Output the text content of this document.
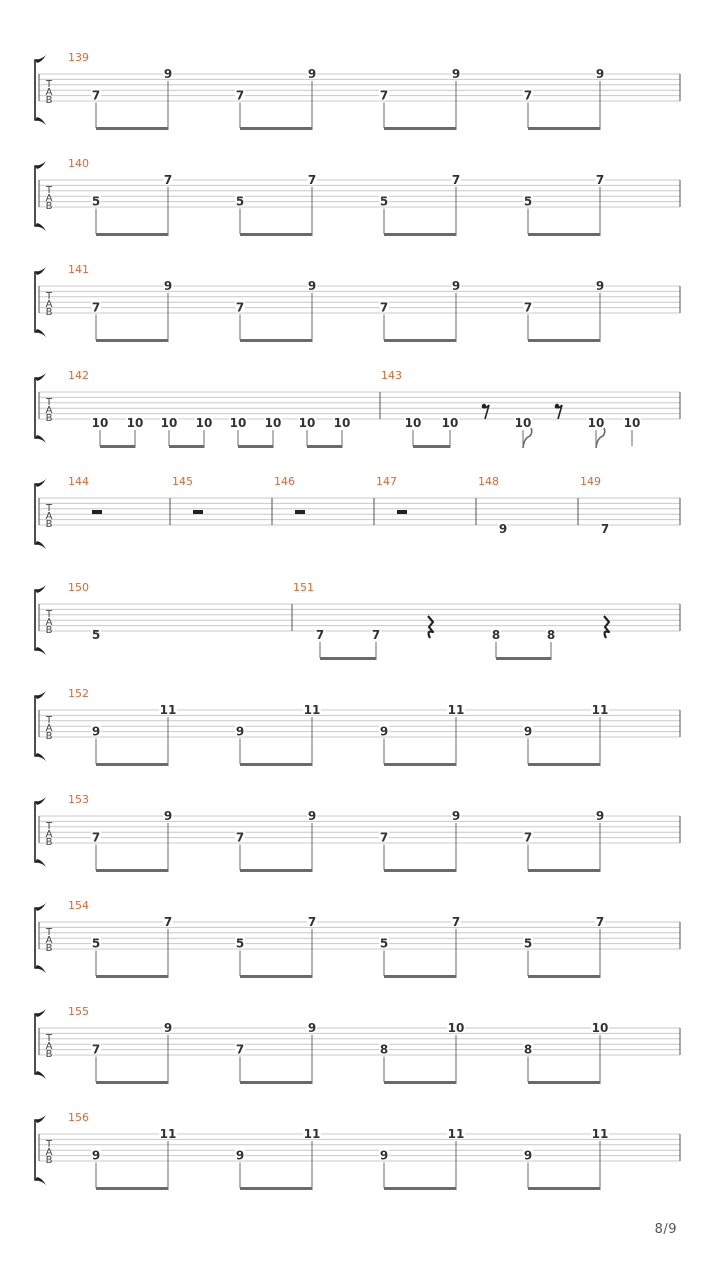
T
A
B
139
7
9
7
9
7
9
7
9
T
A
B
140
5
7
5
7
5
7
5
7
T
A
B
141
7
9
7
9
7
9
7
9
T
A
B
142
10 10 10 10 10 10 10 10
143
10 10	10	10 10
T
A
B
144	145	146	147	148
9
149
7
T
A
B
150
5
151
7	7	8	8
T
A
B
152
9
11
9
11
9
11
9
11
T
A
B
153
7
9
7
9
7
9
7
9
T
A
B
154
5
7
5
7
5
7
5
7
T
A
B
155
7
9
7
9
8
10
8
10
T
A
B
156
9
11
9
11
9
11
9
11
8/9
